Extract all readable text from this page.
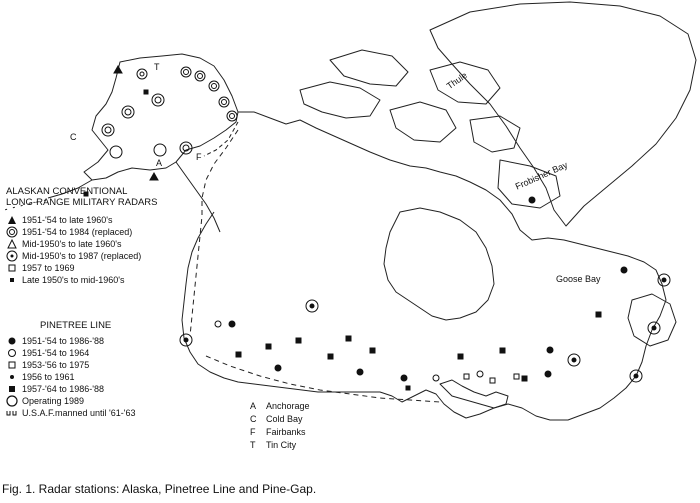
Thule
Frobisher Bay
Goose Bay
T
C
A
F
ALASKAN CONVENTIONAL
LONG-RANGE MILITARY RADARS
1951-'54 to late 1960's
1951-'54 to 1984 (replaced)
Mid-1950's to late 1960's
Mid-1950's to 1987 (replaced)
1957 to 1969
Late 1950's to mid-1960's
PINETREE LINE
1951-'54 to 1986-'88
1951-'54 to 1964
1953-'56 to 1975
1956 to 1961
1957-'64 to 1986-'88
Operating 1989
U.S.A.F.manned until '61-'63
A	Anchorage
C	Cold Bay
F	Fairbanks
T	Tin City
Fig. 1. Radar stations: Alaska, Pinetree Line and Pine-Gap.
